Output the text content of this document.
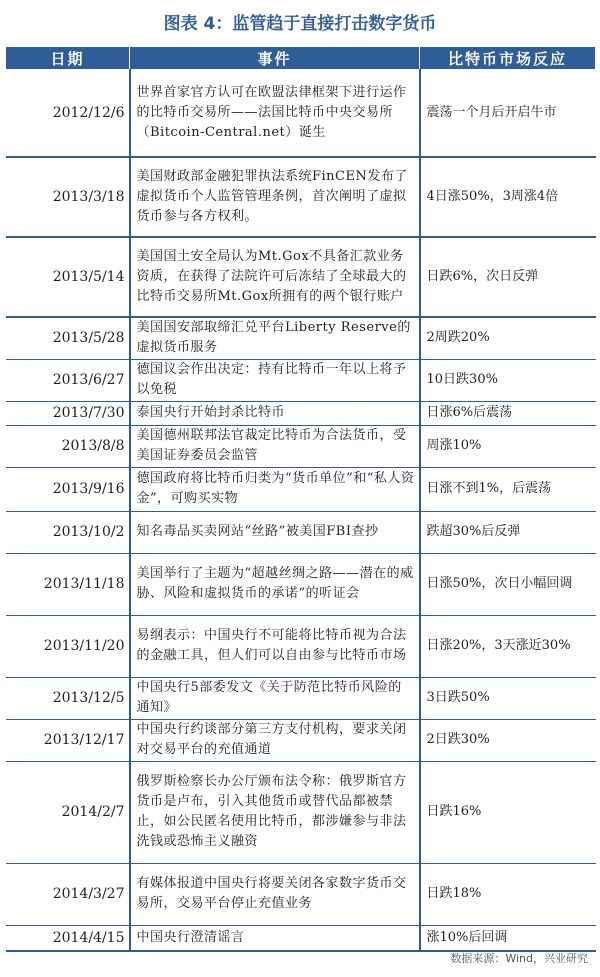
图表 4：监管趋于直接打击数字货币
日期	事件	比特币市场反应
2012/12/6	世界首家官方认可在欧盟法律框架下进行运作的比特币交易所——法国比特币中央交易所（Bitcoin-Central.net）诞生	震荡一个月后开启牛市
2013/3/18	美国财政部金融犯罪执法系统FinCEN发布了虚拟货币个人监管管理条例，首次阐明了虚拟货币参与各方权利。	4日涨50%，3周涨4倍
2013/5/14	美国国土安全局认为Mt.Gox不具备汇款业务资质，在获得了法院许可后冻结了全球最大的比特币交易所Mt.Gox所拥有的两个银行账户	日跌6%，次日反弹
2013/5/28	美国国安部取缔汇兑平台Liberty Reserve的虚拟货币服务	2周跌20%
2013/6/27	德国议会作出决定：持有比特币一年以上将予以免税	10日跌30%
2013/7/30	泰国央行开始封杀比特币	日涨6%后震荡
2013/8/8	美国德州联邦法官裁定比特币为合法货币，受美国证券委员会监管	周涨10%
2013/9/16	德国政府将比特币归类为“货币单位”和“私人资金”，可购买实物	日涨不到1%，后震荡
2013/10/2	知名毒品买卖网站“丝路”被美国FBI查抄	跌超30%后反弹
2013/11/18	美国举行了主题为“超越丝绸之路——潜在的威胁、风险和虚拟货币的承诺”的听证会	日涨50%，次日小幅回调
2013/11/20	易纲表示：中国央行不可能将比特币视为合法的金融工具，但人们可以自由参与比特币市场	日涨20%，3天涨近30%
2013/12/5	中国央行5部委发文《关于防范比特币风险的通知》	3日跌50%
2013/12/17	中国央行约谈部分第三方支付机构，要求关闭对交易平台的充值通道	2日跌30%
2014/2/7	俄罗斯检察长办公厅颁布法令称：俄罗斯官方货币是卢布，引入其他货币或替代品都被禁止，如公民匿名使用比特币，都涉嫌参与非法洗钱或恐怖主义融资	日跌16%
2014/3/27	有媒体报道中国央行将要关闭各家数字货币交易所，交易平台停止充值业务	日跌18%
2014/4/15	中国央行澄清谣言	涨10%后回调
数据来源：Wind，兴业研究
